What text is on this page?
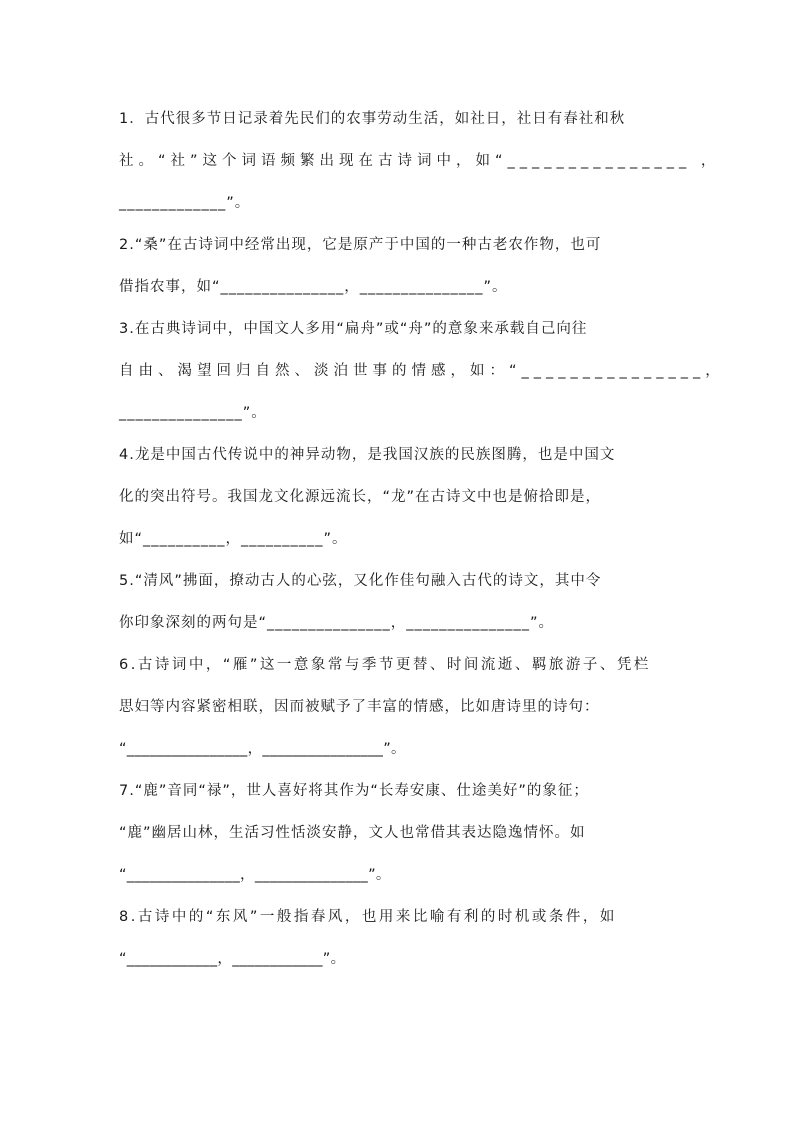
1．古代很多节日记录着先民们的农事劳动生活，如社日，社日有春社和秋
社。“社”这个词语频繁出现在古诗词中，如“_______________ ，
_____________”。
2.“桑”在古诗词中经常出现，它是原产于中国的一种古老农作物，也可
借指农事，如“_______________，_______________”。
3.在古典诗词中，中国文人多用“扁舟”或“舟”的意象来承载自己向往
自由、渴望回归自然、淡泊世事的情感，如：“_______________，
_______________”。
4.龙是中国古代传说中的神异动物，是我国汉族的民族图腾，也是中国文
化的突出符号。我国龙文化源远流长，“龙”在古诗文中也是俯拾即是，
如“__________，__________”。
5.“清风”拂面，撩动古人的心弦，又化作佳句融入古代的诗文，其中令
你印象深刻的两句是“_______________，_______________”。
6.古诗词中，“雁”这一意象常与季节更替、时间流逝、羁旅游子、凭栏
思妇等内容紧密相联，因而被赋予了丰富的情感，比如唐诗里的诗句：
“________________，________________”。
7.“鹿”音同“禄”，世人喜好将其作为“长寿安康、仕途美好”的象征；
“鹿”幽居山林，生活习性恬淡安静，文人也常借其表达隐逸情怀。如
“_______________，_______________”。
8.古诗中的“东风”一般指春风，也用来比喻有利的时机或条件，如
“____________，____________”。
